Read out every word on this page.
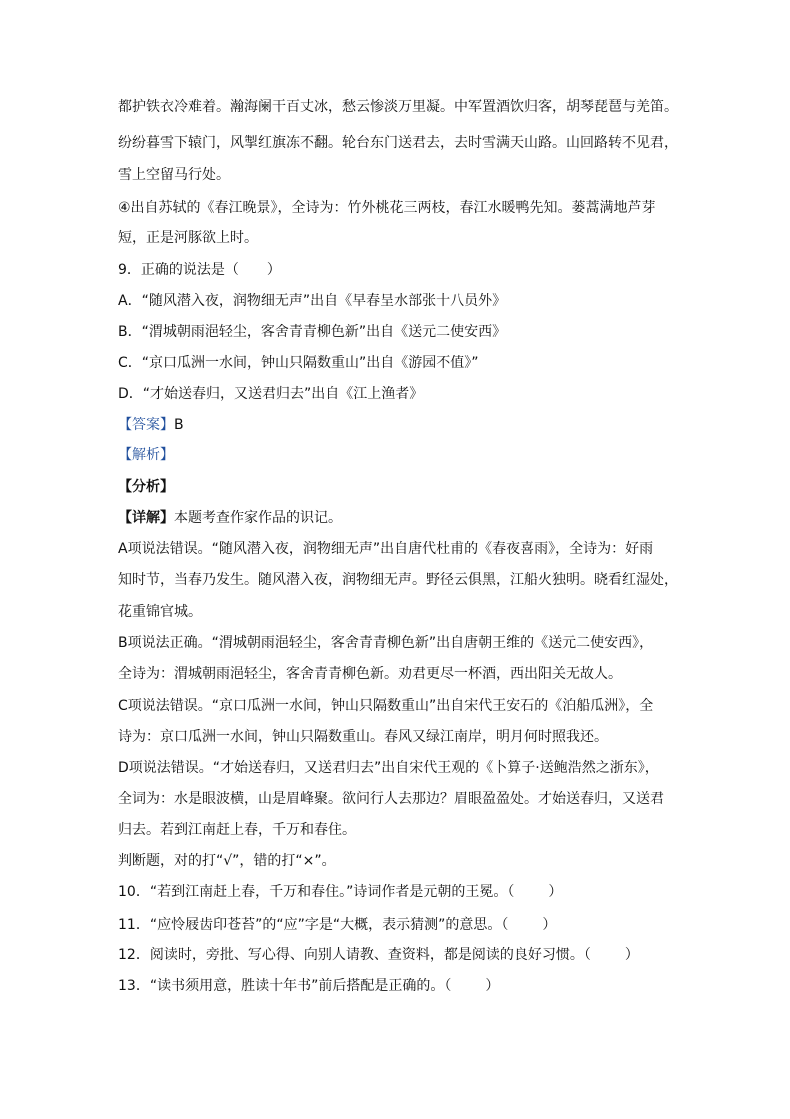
都护铁衣冷难着。瀚海阑干百丈冰，愁云惨淡万里凝。中军置酒饮归客，胡琴琵琶与羌笛。
纷纷暮雪下辕门，风掣红旗冻不翻。轮台东门送君去，去时雪满天山路。山回路转不见君，
雪上空留马行处。
④出自苏轼的《春江晚景》，全诗为：竹外桃花三两枝，春江水暖鸭先知。蒌蒿满地芦芽
短，正是河豚欲上时。
9．正确的说法是（　　）
A．“随风潜入夜，润物细无声”出自《早春呈水部张十八员外》
B．“渭城朝雨浥轻尘，客舍青青柳色新”出自《送元二使安西》
C．“京口瓜洲一水间，钟山只隔数重山”出自《游园不值》”
D．“才始送春归，又送君归去”出自《江上渔者》
【答案】B
【解析】
【分析】
【详解】本题考查作家作品的识记。
A项说法错误。“随风潜入夜，润物细无声”出自唐代杜甫的《春夜喜雨》，全诗为：好雨
知时节，当春乃发生。随风潜入夜，润物细无声。野径云俱黑，江船火独明。晓看红湿处，
花重锦官城。
B项说法正确。“渭城朝雨浥轻尘，客舍青青柳色新”出自唐朝王维的《送元二使安西》，
全诗为：渭城朝雨浥轻尘，客舍青青柳色新。劝君更尽一杯酒，西出阳关无故人。
C项说法错误。“京口瓜洲一水间，钟山只隔数重山”出自宋代王安石的《泊船瓜洲》，全
诗为：京口瓜洲一水间，钟山只隔数重山。春风又绿江南岸，明月何时照我还。
D项说法错误。“才始送春归，又送君归去”出自宋代王观的《卜算子·送鲍浩然之浙东》，
全词为：水是眼波横，山是眉峰聚。欲问行人去那边？眉眼盈盈处。才始送春归，又送君
归去。若到江南赶上春，千万和春住。
判断题，对的打“√”，错的打“×”。
10．“若到江南赶上春，千万和春住。”诗词作者是元朝的王冕。（ ）
11．“应怜屐齿印苍苔”的“应”字是“大概，表示猜测”的意思。（ ）
12．阅读时，旁批、写心得、向别人请教、查资料，都是阅读的良好习惯。（ ）
13．“读书须用意，胜读十年书”前后搭配是正确的。（ ）
